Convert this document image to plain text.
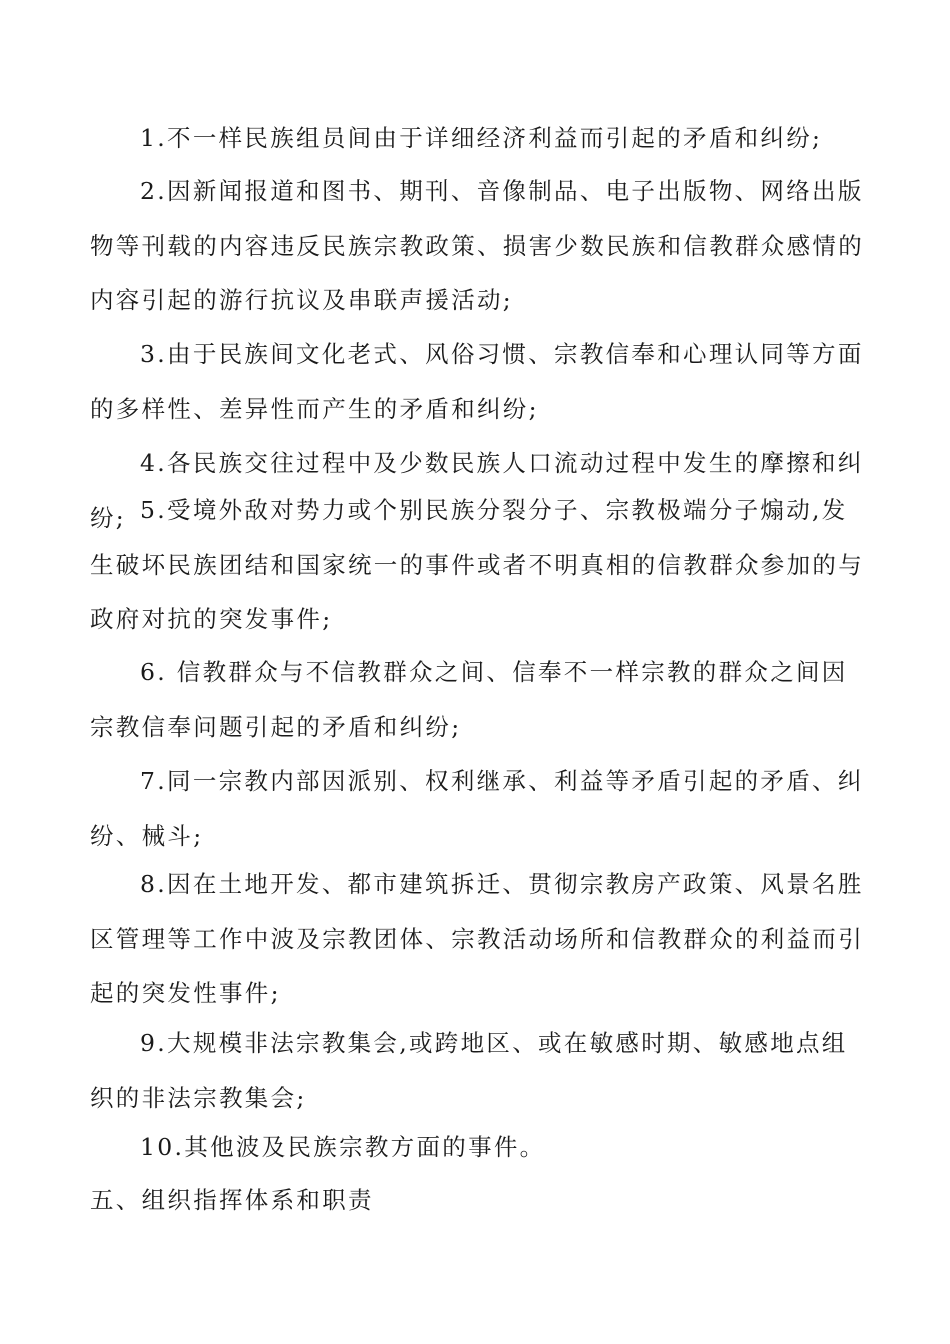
1.不一样民族组员间由于详细经济利益而引起的矛盾和纠纷;

2.因新闻报道和图书、期刊、音像制品、电子出版物、网络出版物等刊载的内容违反民族宗教政策、损害少数民族和信教群众感情的内容引起的游行抗议及串联声援活动;

3.由于民族间文化老式、风俗习惯、宗教信奉和心理认同等方面的多样性、差异性而产生的矛盾和纠纷;

4.各民族交往过程中及少数民族人口流动过程中发生的摩擦和纠纷; 5.受境外敌对势力或个别民族分裂分子、宗教极端分子煽动,发生破坏民族团结和国家统一的事件或者不明真相的信教群众参加的与政府对抗的突发事件;

6. 信教群众与不信教群众之间、信奉不一样宗教的群众之间因宗教信奉问题引起的矛盾和纠纷;

7.同一宗教内部因派别、权利继承、利益等矛盾引起的矛盾、纠纷、械斗;

8.因在土地开发、都市建筑拆迁、贯彻宗教房产政策、风景名胜区管理等工作中波及宗教团体、宗教活动场所和信教群众的利益而引起的突发性事件;

9.大规模非法宗教集会,或跨地区、或在敏感时期、敏感地点组织的非法宗教集会;

10.其他波及民族宗教方面的事件。

五、组织指挥体系和职责
